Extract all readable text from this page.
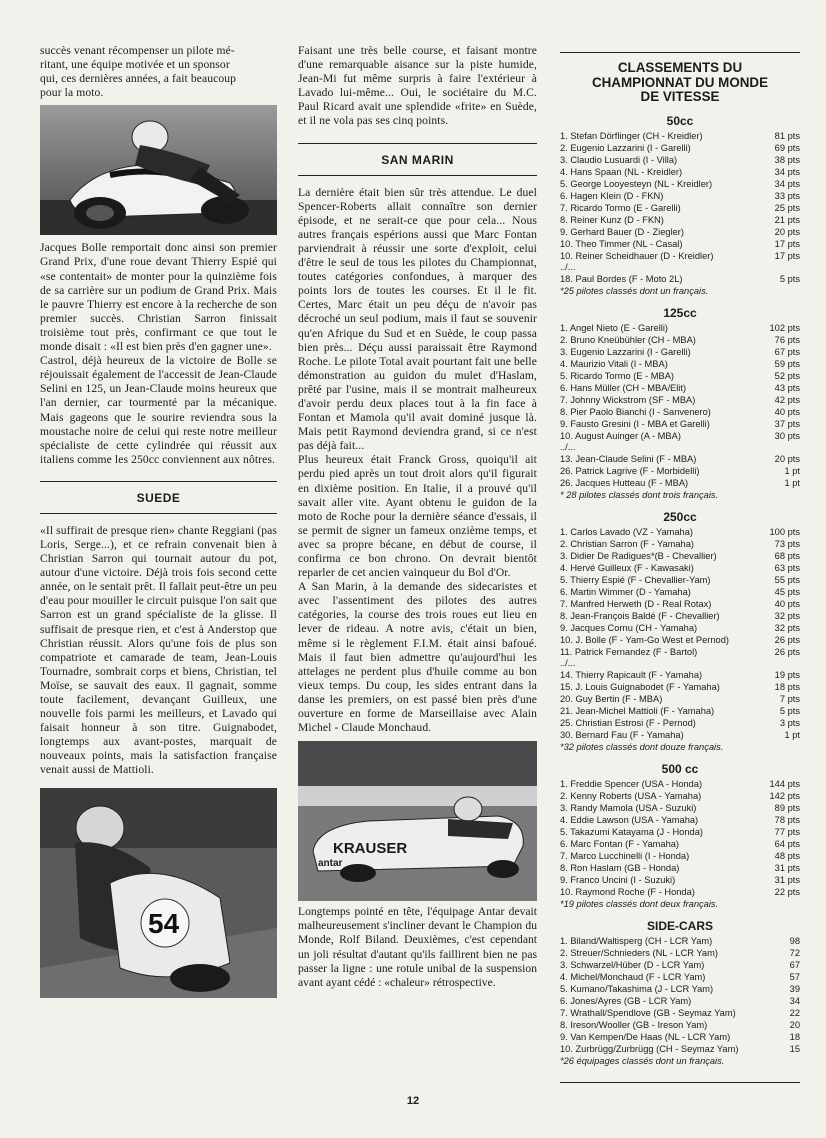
succès venant récompenser un pilote mé-
ritant, une équipe motivée et un sponsor
qui, ces dernières années, a fait beaucoup
pour la moto.

Jacques Bolle remportait donc ainsi son premier Grand Prix, d'une roue devant Thierry Espié qui «se contentait» de monter pour la quinzième fois de sa carrière sur un podium de Grand Prix. Mais le pauvre Thierry est encore à la recherche de son premier succès. Christian Sarron finissait troisième tout près, confirmant ce que tout le monde disait : «Il est bien près d'en gagner une».
Castrol, déjà heureux de la victoire de Bolle se réjouissait également de l'accessit de Jean-Claude Selini en 125, un Jean-Claude moins heureux que l'an dernier, car tourmenté par la mécanique. Mais gageons que le sourire reviendra sous la moustache noire de celui qui reste notre meilleur spécialiste de cette cylindrée qui réussit aux italiens comme les 250cc conviennent aux nôtres.

SUEDE

«Il suffirait de presque rien» chante Reggiani (pas Loris, Serge...), et ce refrain convenait bien à Christian Sarron qui tournait autour du pot, autour d'une victoire. Déjà trois fois second cette année, on le sentait prêt. Il fallait peut-être un peu d'eau pour mouiller le circuit puisque l'on sait que Sarron est un grand spécialiste de la glisse. Il suffisait de presque rien, et c'est à Anderstop que Christian réussit. Alors qu'une fois de plus son compatriote et camarade de team, Jean-Louis Tournadre, sombrait corps et biens, Christian, tel Moïse, se sauvait des eaux. Il gagnait, somme toute facilement, devançant Guilleux, une nouvelle fois parmi les meilleurs, et Lavado qui faisait honneur à son titre. Guignabodet, longtemps aux avant-postes, marquait de nouveaux points, mais la satisfaction française venait aussi de Mattioli.

54

Faisant une très belle course, et faisant montre d'une remarquable aisance sur la piste humide, Jean-Mi fut même surpris à faire l'extérieur à Lavado lui-même... Oui, le sociétaire du M.C. Paul Ricard avait une splendide «frite» en Suède, et il ne vola pas ses cinq points.

SAN MARIN

La dernière était bien sûr très attendue. Le duel Spencer-Roberts allait connaître son dernier épisode, et ne serait-ce que pour cela... Nous autres français espérions aussi que Marc Fontan parviendrait à réussir une sorte d'exploit, celui d'être le seul de tous les pilotes du Championnat, toutes catégories confondues, à marquer des points lors de toutes les courses. Et il le fit. Certes, Marc était un peu déçu de n'avoir pas décroché un seul podium, mais il faut se souvenir qu'en Afrique du Sud et en Suède, le coup passa bien près... Déçu aussi paraissait être Raymond Roche. Le pilote Total avait pourtant fait une belle démonstration au guidon du mulet d'Haslam, prêté par l'usine, mais il se montrait malheureux d'avoir perdu deux places tout à la fin face à Fontan et Mamola qu'il avait dominé jusque là. Mais petit Raymond deviendra grand, si ce n'est pas déjà fait...
Plus heureux était Franck Gross, quoiqu'il ait perdu pied après un tout droit alors qu'il figurait en dixième position. En Italie, il a prouvé qu'il savait aller vite. Ayant obtenu le guidon de la moto de Roche pour la dernière séance d'essais, il se permit de signer un fameux onzième temps, et avec sa propre bécane, en début de course, il confirma ce bon chrono. On devrait bientôt reparler de cet ancien vainqueur du Bol d'Or.
A San Marin, à la demande des sidecaristes et avec l'assentiment des pilotes des autres catégories, la course des trois roues eut lieu en lever de rideau. A notre avis, c'était un bien, même si le règlement F.I.M. était ainsi bafoué. Mais il faut bien admettre qu'aujourd'hui les attelages ne perdent plus d'huile comme au bon vieux temps. Du coup, les sides entrant dans la danse les premiers, on est passé bien près d'une ouverture en forme de Marseillaise avec Alain Michel - Claude Monchaud.

KRAUSER
antar

Longtemps pointé en tête, l'équipage Antar devait malheureusement s'incliner devant le Champion du Monde, Rolf Biland. Deuxièmes, c'est cependant un joli résultat d'autant qu'ils faillirent bien ne pas passer la ligne : une rotule unibal de la suspension avant ayant cédé : «chaleur» rétrospective.

CLASSEMENTS DU
CHAMPIONNAT DU MONDE
DE VITESSE
50cc
1. Stefan Dörflinger (CH - Kreidler)	81 pts
2. Eugenio Lazzarini (I - Garelli)	69 pts
3. Claudio Lusuardi (I - Villa)	38 pts
4. Hans Spaan (NL - Kreidler)	34 pts
5. George Looyesteyn (NL - Kreidler)	34 pts
6. Hagen Klein (D - FKN)	33 pts
7. Ricardo Tormo (E - Garelli)	25 pts
8. Reiner Kunz (D - FKN)	21 pts
9. Gerhard Bauer (D - Ziegler)	20 pts
10. Theo Timmer (NL - Casal)	17 pts
10. Reiner Scheidhauer (D - Kreidler)	17 pts
../...
18. Paul Bordes (F - Moto 2L)	5 pts
*25 pilotes classés dont un français.
125cc
1. Angel Nieto (E - Garelli)	102 pts
2. Bruno Kneübühler (CH - MBA)	76 pts
3. Eugenio Lazzarini (I - Garelli)	67 pts
4. Maurizio Vitali (I - MBA)	59 pts
5. Ricardo Tormo (E - MBA)	52 pts
6. Hans Müller (CH - MBA/Elit)	43 pts
7. Johnny Wickstrom (SF - MBA)	42 pts
8. Pier Paolo Bianchi (I - Sanvenero)	40 pts
9. Fausto Gresini (I - MBA et Garelli)	37 pts
10. August Auinger (A - MBA)	30 pts
../...
13. Jean-Claude Selini (F - MBA)	20 pts
26. Patrick Lagrive (F - Morbidelli)	1 pt
26. Jacques Hutteau (F - MBA)	1 pt
* 28 pilotes classés dont trois français.
250cc
1. Carlos Lavado (VZ - Yamaha)	100 pts
2. Christian Sarron (F - Yamaha)	73 pts
3. Didier De Radigues*(B - Chevallier)	68 pts
4. Hervé Guilleux (F - Kawasaki)	63 pts
5. Thierry Espié (F - Chevallier-Yam)	55 pts
6. Martin Wimmer (D - Yamaha)	45 pts
7. Manfred Herweth (D - Real Rotax)	40 pts
8. Jean-François Baldé (F - Chevallier)	32 pts
9. Jacques Cornu (CH - Yamaha)	32 pts
10. J. Bolle (F - Yam-Go West et Pernod)	26 pts
11. Patrick Fernandez (F - Bartol)	26 pts
../...
14. Thierry Rapicault (F - Yamaha)	19 pts
15. J. Louis Guignabodet (F - Yamaha)	18 pts
20. Guy Bertin (F - MBA)	7 pts
21. Jean-Michel Mattioli (F - Yamaha)	5 pts
25. Christian Estrosi (F - Pernod)	3 pts
30. Bernard Fau (F - Yamaha)	1 pt
*32 pilotes classés dont douze français.
500 cc
1. Freddie Spencer (USA - Honda)	144 pts
2. Kenny Roberts (USA - Yamaha)	142 pts
3. Randy Mamola (USA - Suzuki)	89 pts
4. Eddie Lawson (USA - Yamaha)	78 pts
5. Takazumi Katayama (J - Honda)	77 pts
6. Marc Fontan (F - Yamaha)	64 pts
7. Marco Lucchinelli (I - Honda)	48 pts
8. Ron Haslam (GB - Honda)	31 pts
9. Franco Uncini (I - Suzuki)	31 pts
10. Raymond Roche (F - Honda)	22 pts
*19 pilotes classés dont deux français.
SIDE-CARS
1. Biland/Waltisperg (CH - LCR Yam)	98
2. Streuer/Schnieders (NL - LCR Yam)	72
3. Schwarzel/Hüber (D - LCR Yam)	67
4. Michel/Monchaud (F - LCR Yam)	57
5. Kumano/Takashima (J - LCR Yam)	39
6. Jones/Ayres (GB - LCR Yam)	34
7. Wrathall/Spendlove (GB - Seymaz Yam)	22
8. Ireson/Wooller (GB - Ireson Yam)	20
9. Van Kempen/De Haas (NL - LCR Yam)	18
10. Zurbrügg/Zurbrügg (CH - Seymaz Yam)	15
*26 équipages classés dont un français.
12
